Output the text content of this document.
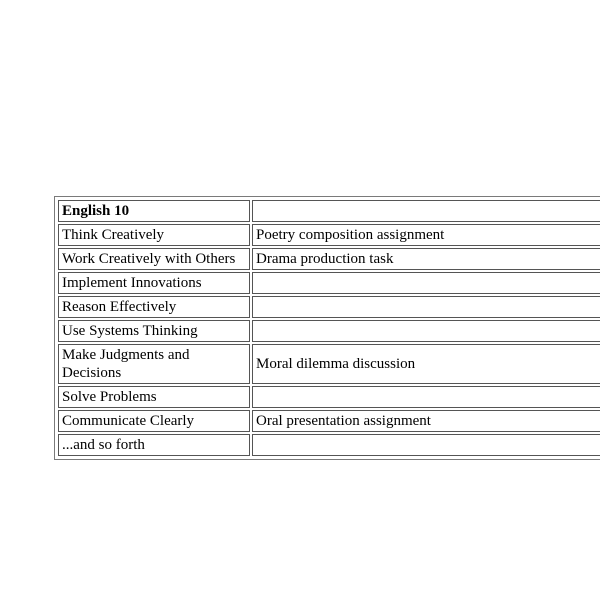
English 10	
Think Creatively	Poetry composition assignment
Work Creatively with Others	Drama production task
Implement Innovations	
Reason Effectively	
Use Systems Thinking	
Make Judgments and Decisions	Moral dilemma discussion
Solve Problems	
Communicate Clearly	Oral presentation assignment
...and so forth	
